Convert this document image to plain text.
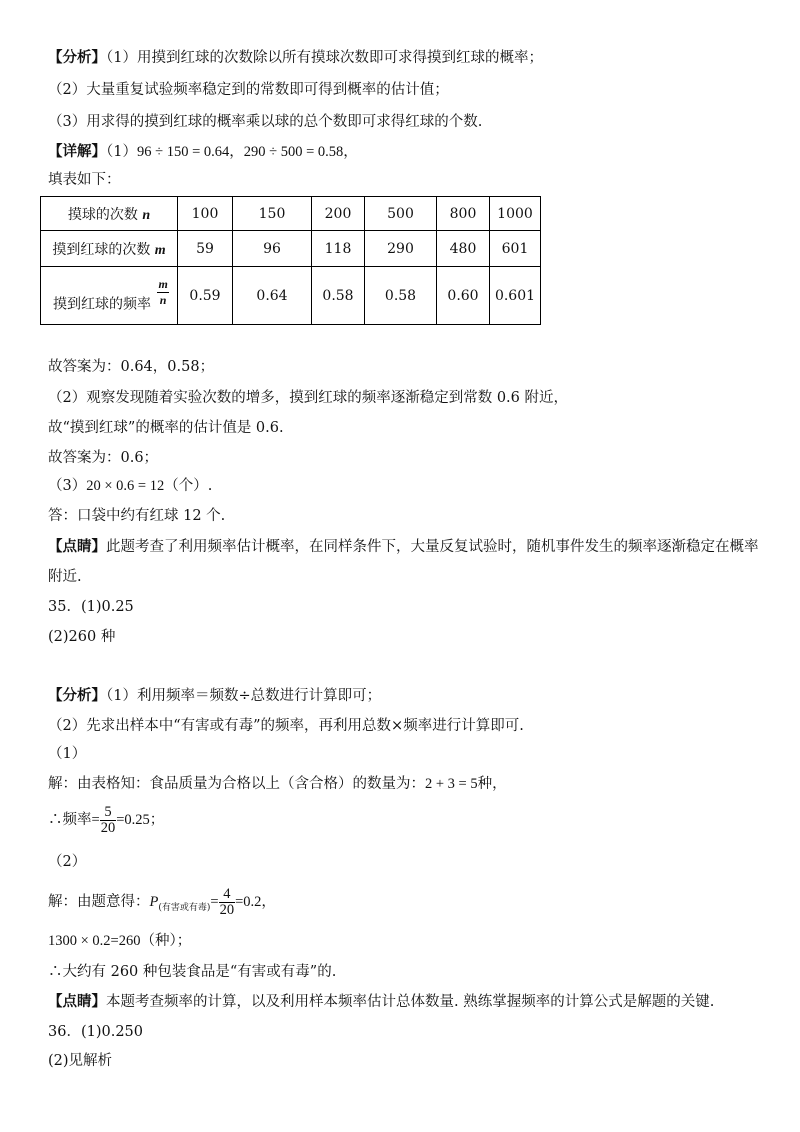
【分析】（1）用摸到红球的次数除以所有摸球次数即可求得摸到红球的概率；
（2）大量重复试验频率稳定到的常数即可得到概率的估计值；
（3）用求得的摸到红球的概率乘以球的总个数即可求得红球的个数.
【详解】（1）96 ÷ 150 = 0.64，290 ÷ 500 = 0.58，
填表如下：
摸球的次数 n	100	150	200	500	800	1000
摸到红球的次数 m	59	96	118	290	480	601
摸到红球的频率 $\frac{m}{n}$	0.59	0.64	0.58	0.58	0.60	0.601
故答案为：0.64，0.58；
（2）观察发现随着实验次数的增多，摸到红球的频率逐渐稳定到常数 0.6 附近，
故“摸到红球”的概率的估计值是 0.6.
故答案为：0.6；
（3）20 × 0.6 = 12（个）.
答：口袋中约有红球 12 个.
【点睛】此题考查了利用频率估计概率，在同样条件下，大量反复试验时，随机事件发生的频率逐渐稳定在概率
附近.
35．(1)0.25
(2)260 种
【分析】（1）利用频率＝频数÷总数进行计算即可；
（2）先求出样本中“有害或有毒”的频率，再利用总数×频率进行计算即可.
（1）
解：由表格知：食品质量为合格以上（含合格）的数量为：2 + 3 = 5种，
∴频率= $\frac{5}{20} =0.25$；
（2）
解：由题意得：$P_{(有害或有毒)}= \frac{4}{20} =0.2$，
1300 × 0.2=260（种）；
∴大约有 260 种包装食品是“有害或有毒”的.
【点睛】本题考查频率的计算，以及利用样本频率估计总体数量. 熟练掌握频率的计算公式是解题的关键.
36．(1)0.250
(2)见解析
